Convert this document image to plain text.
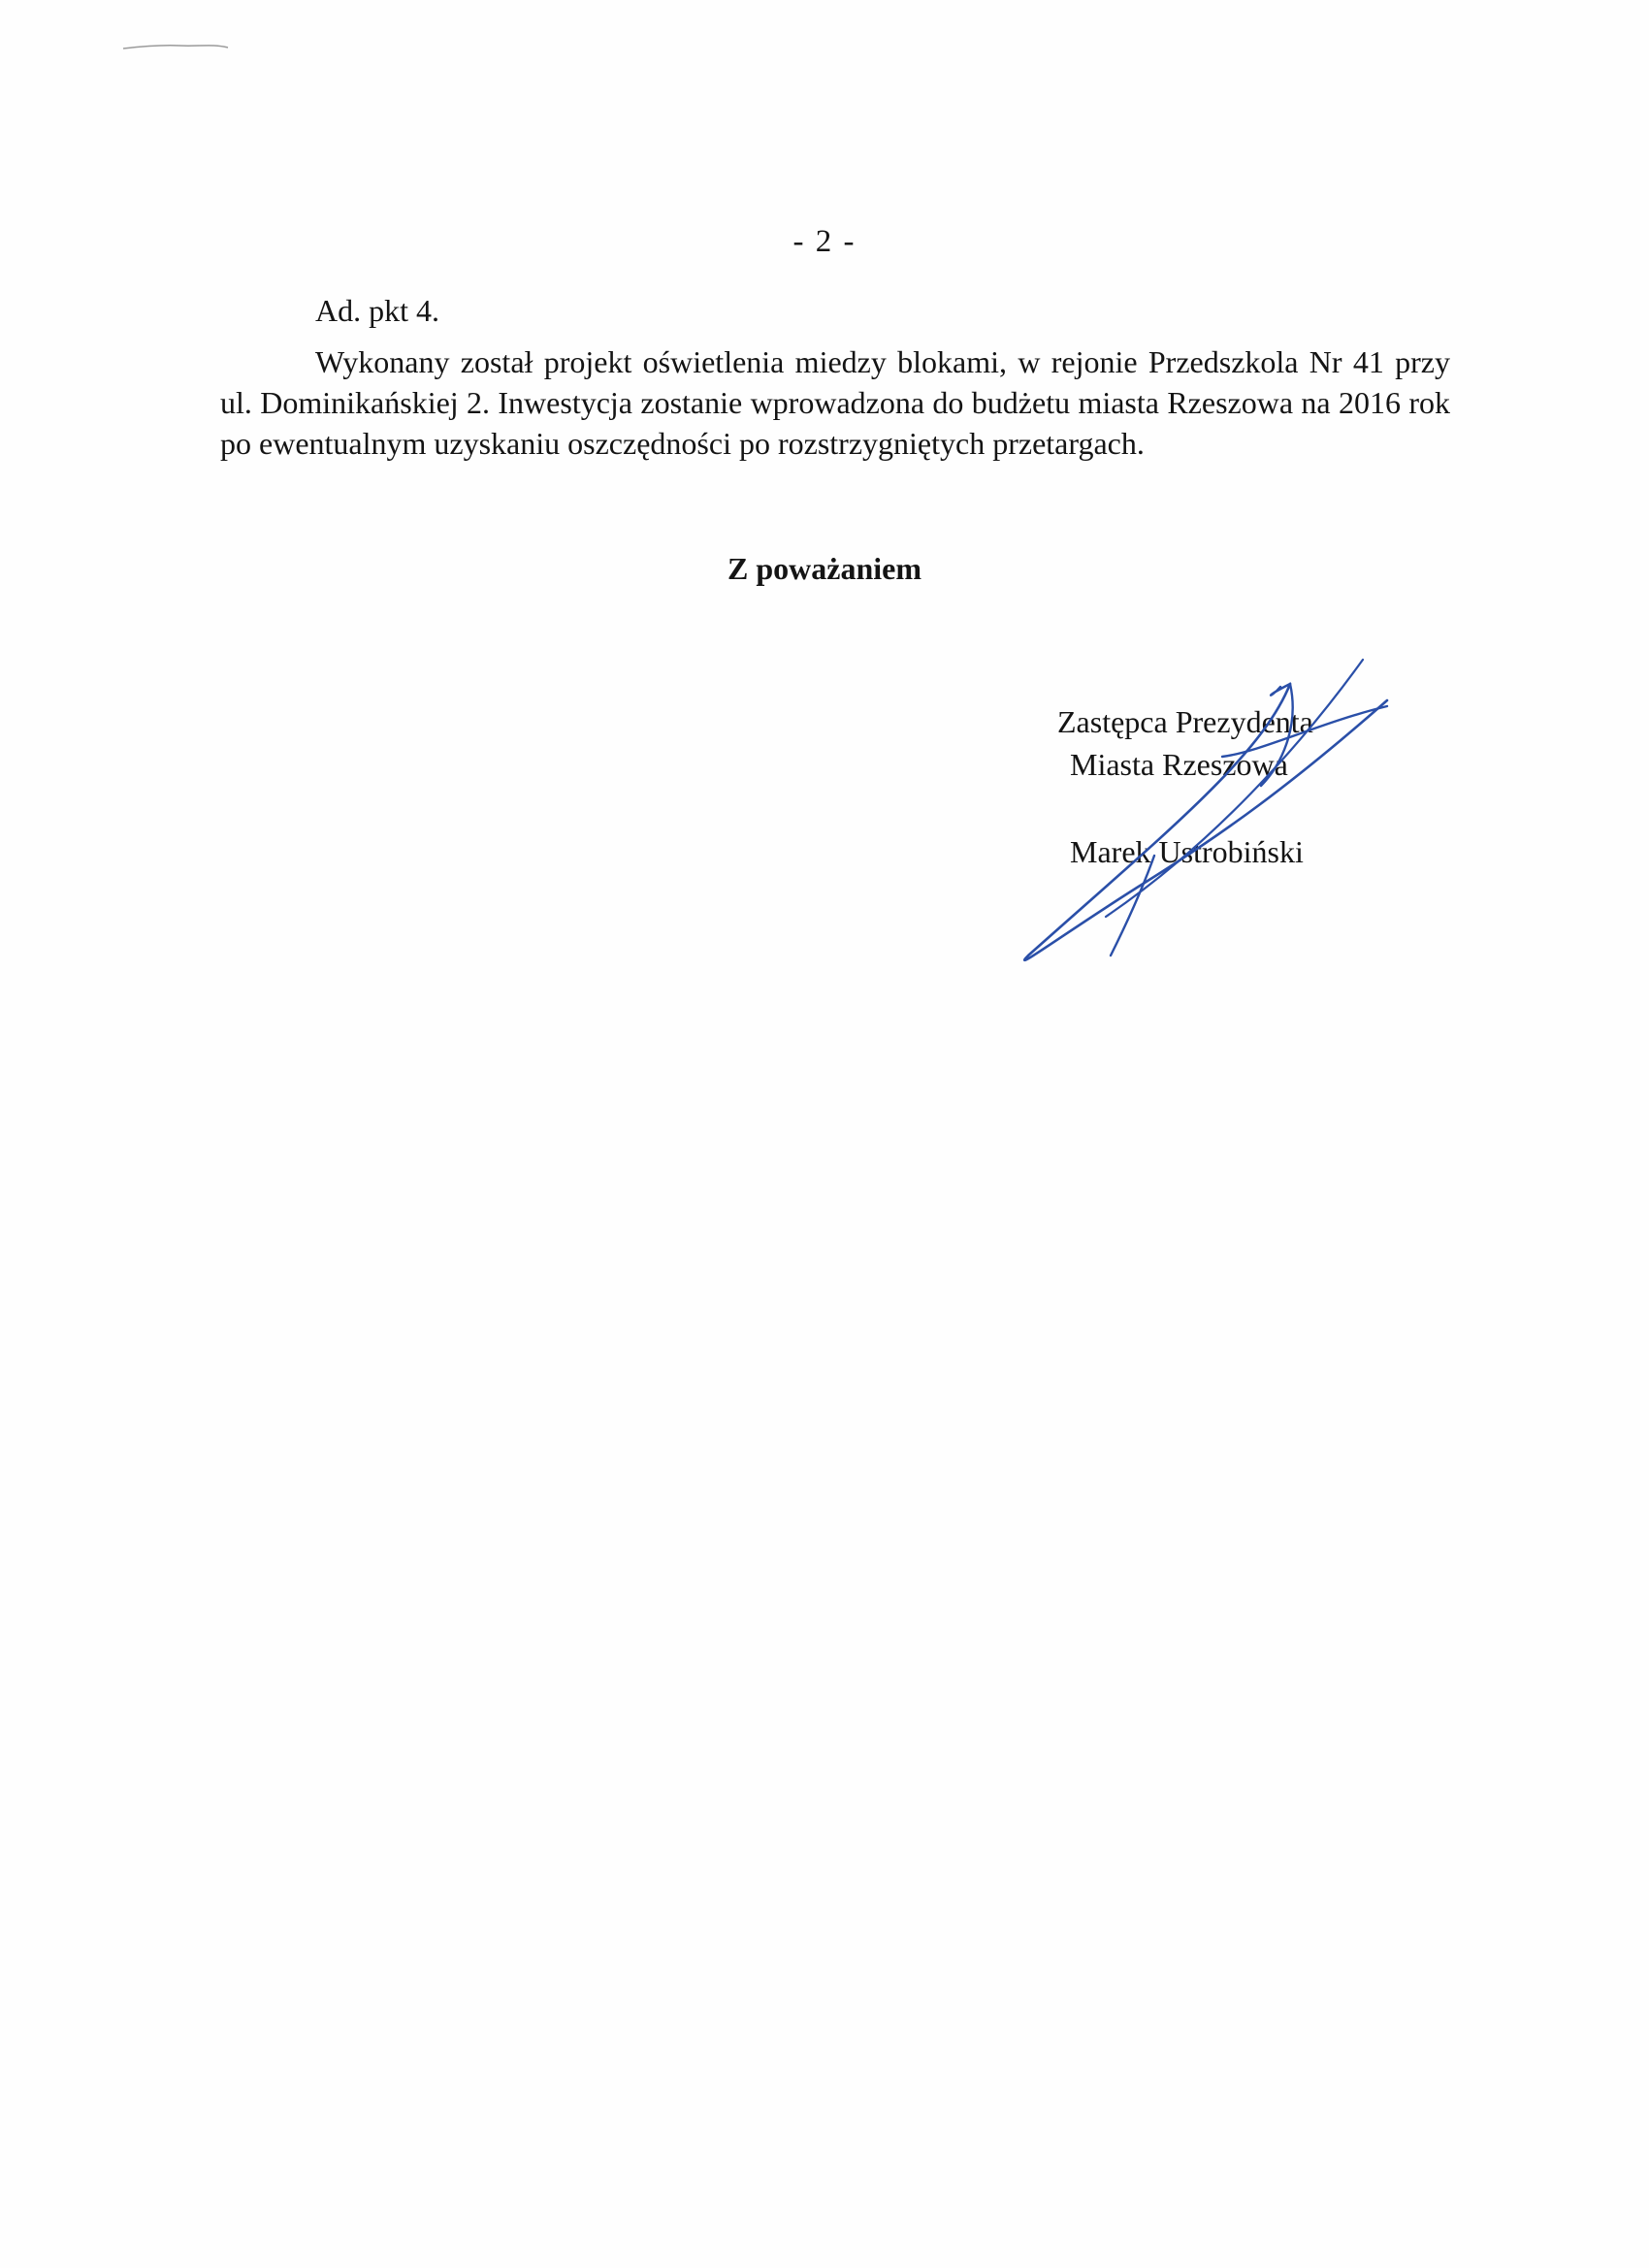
- 2 -
Ad. pkt 4.

Wykonany został projekt oświetlenia miedzy blokami, w rejonie Przedszkola Nr 41 przy ul. Dominikańskiej 2. Inwestycja zostanie wprowadzona do budżetu miasta Rzeszowa na 2016 rok po ewentualnym uzyskaniu oszczędności po rozstrzygniętych przetargach.

Z poważaniem
Zastępca Prezydenta
Miasta Rzeszowa
Marek Ustrobiński
